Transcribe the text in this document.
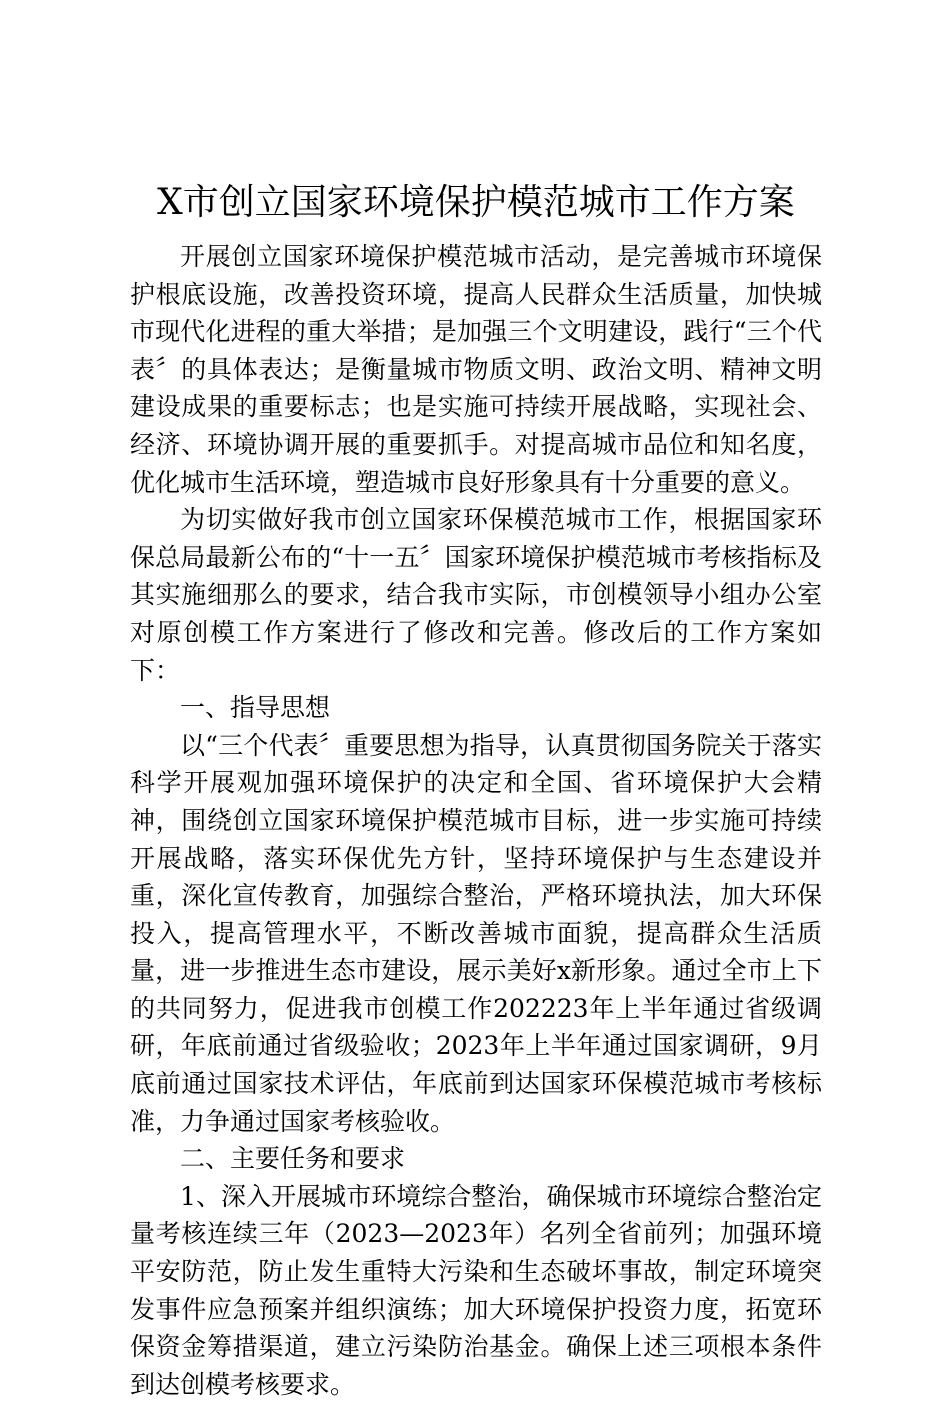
X市创立国家环境保护模范城市工作方案

开展创立国家环境保护模范城市活动，是完善城市环境保护根底设施，改善投资环境，提高人民群众生活质量，加快城市现代化进程的重大举措；是加强三个文明建设，践行“三个代表〞的具体表达；是衡量城市物质文明、政治文明、精神文明建设成果的重要标志；也是实施可持续开展战略，实现社会、经济、环境协调开展的重要抓手。对提高城市品位和知名度，优化城市生活环境，塑造城市良好形象具有十分重要的意义。

为切实做好我市创立国家环保模范城市工作，根据国家环保总局最新公布的“十一五〞国家环境保护模范城市考核指标及其实施细那么的要求，结合我市实际，市创模领导小组办公室对原创模工作方案进行了修改和完善。修改后的工作方案如下：

一、指导思想

以“三个代表〞重要思想为指导，认真贯彻国务院关于落实科学开展观加强环境保护的决定和全国、省环境保护大会精神，围绕创立国家环境保护模范城市目标，进一步实施可持续开展战略，落实环保优先方针，坚持环境保护与生态建设并重，深化宣传教育，加强综合整治，严格环境执法，加大环保投入，提高管理水平，不断改善城市面貌，提高群众生活质量，进一步推进生态市建设，展示美好x新形象。通过全市上下的共同努力，促进我市创模工作202223年上半年通过省级调研，年底前通过省级验收；2023年上半年通过国家调研，9月底前通过国家技术评估，年底前到达国家环保模范城市考核标准，力争通过国家考核验收。

二、主要任务和要求

1、深入开展城市环境综合整治，确保城市环境综合整治定量考核连续三年（2023—2023年）名列全省前列；加强环境平安防范，防止发生重特大污染和生态破坏事故，制定环境突发事件应急预案并组织演练；加大环境保护投资力度，拓宽环保资金筹措渠道，建立污染防治基金。确保上述三项根本条件到达创模考核要求。
